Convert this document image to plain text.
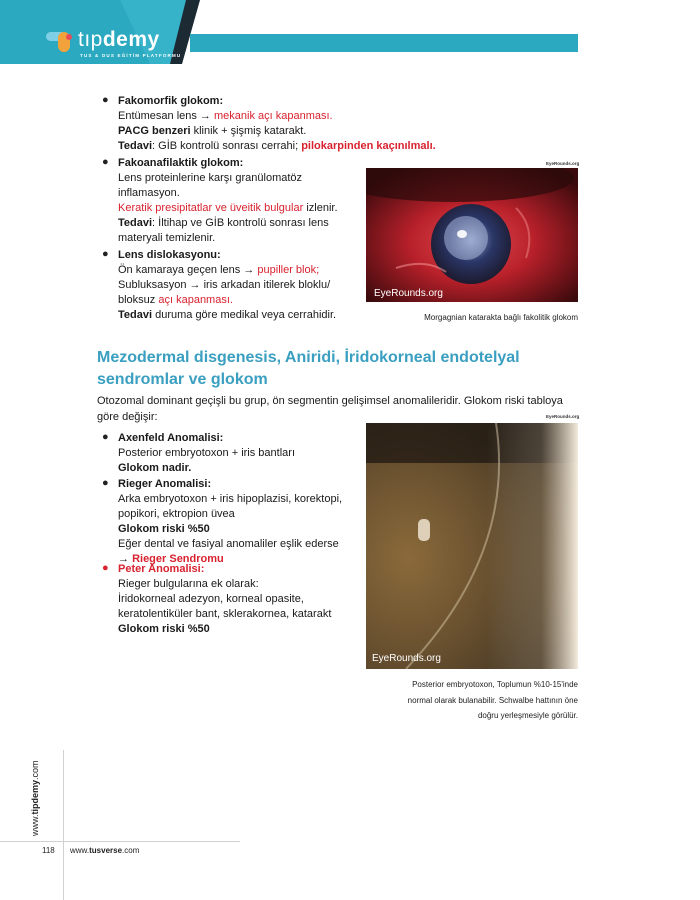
tıpdemy
TUS & DUS EĞİTİM PLATFORMU
● Fakomorfik glokom:
Entümesan lens → mekanik açı kapanması.
PACG benzeri klinik + şişmiş katarakt.
Tedavi: GİB kontrolü sonrası cerrahi; pilokarpinden kaçınılmalı.
● Fakoanafilaktik glokom:
Lens proteinlerine karşı granülomatöz
inflamasyon.
Keratik presipitatlar ve üveitik bulgular izlenir.
Tedavi: İltihap ve GİB kontrolü sonrası lens
materyali temizlenir.
● Lens dislokasyonu:
Ön kamaraya geçen lens → pupiller blok;
Subluksasyon → iris arkadan itilerek bloklu/
bloksuz açı kapanması.
Tedavi duruma göre medikal veya cerrahidir.
EyeRounds.org
EyeRounds.org
Morgagnian katarakta bağlı fakolitik glokom
Mezodermal disgenesis, Aniridi, İridokorneal endotelyal sendromlar ve glokom
Otozomal dominant geçişli bu grup, ön segmentin gelişimsel anomalileridir. Glokom riski tabloya göre değişir:
● Axenfeld Anomalisi:
Posterior embryotoxon + iris bantları
Glokom nadir.
● Rieger Anomalisi:
Arka embryotoxon + iris hipoplazisi, korektopi,
popikori, ektropion üvea
Glokom riski %50
Eğer dental ve fasiyal anomaliler eşlik ederse
→ Rieger Sendromu
● Peter Anomalisi:
Rieger bulgularına ek olarak:
İridokorneal adezyon, korneal opasite,
keratolentiküler bant, sklerakornea, katarakt
Glokom riski %50
EyeRounds.org
EyeRounds.org
Posterior embryotoxon, Toplumun %10-15'inde
normal olarak bulanabilir. Schwalbe hattının öne
doğru yerleşmesiyle görülür.
www.tipdemy.com
118 www.tusverse.com
